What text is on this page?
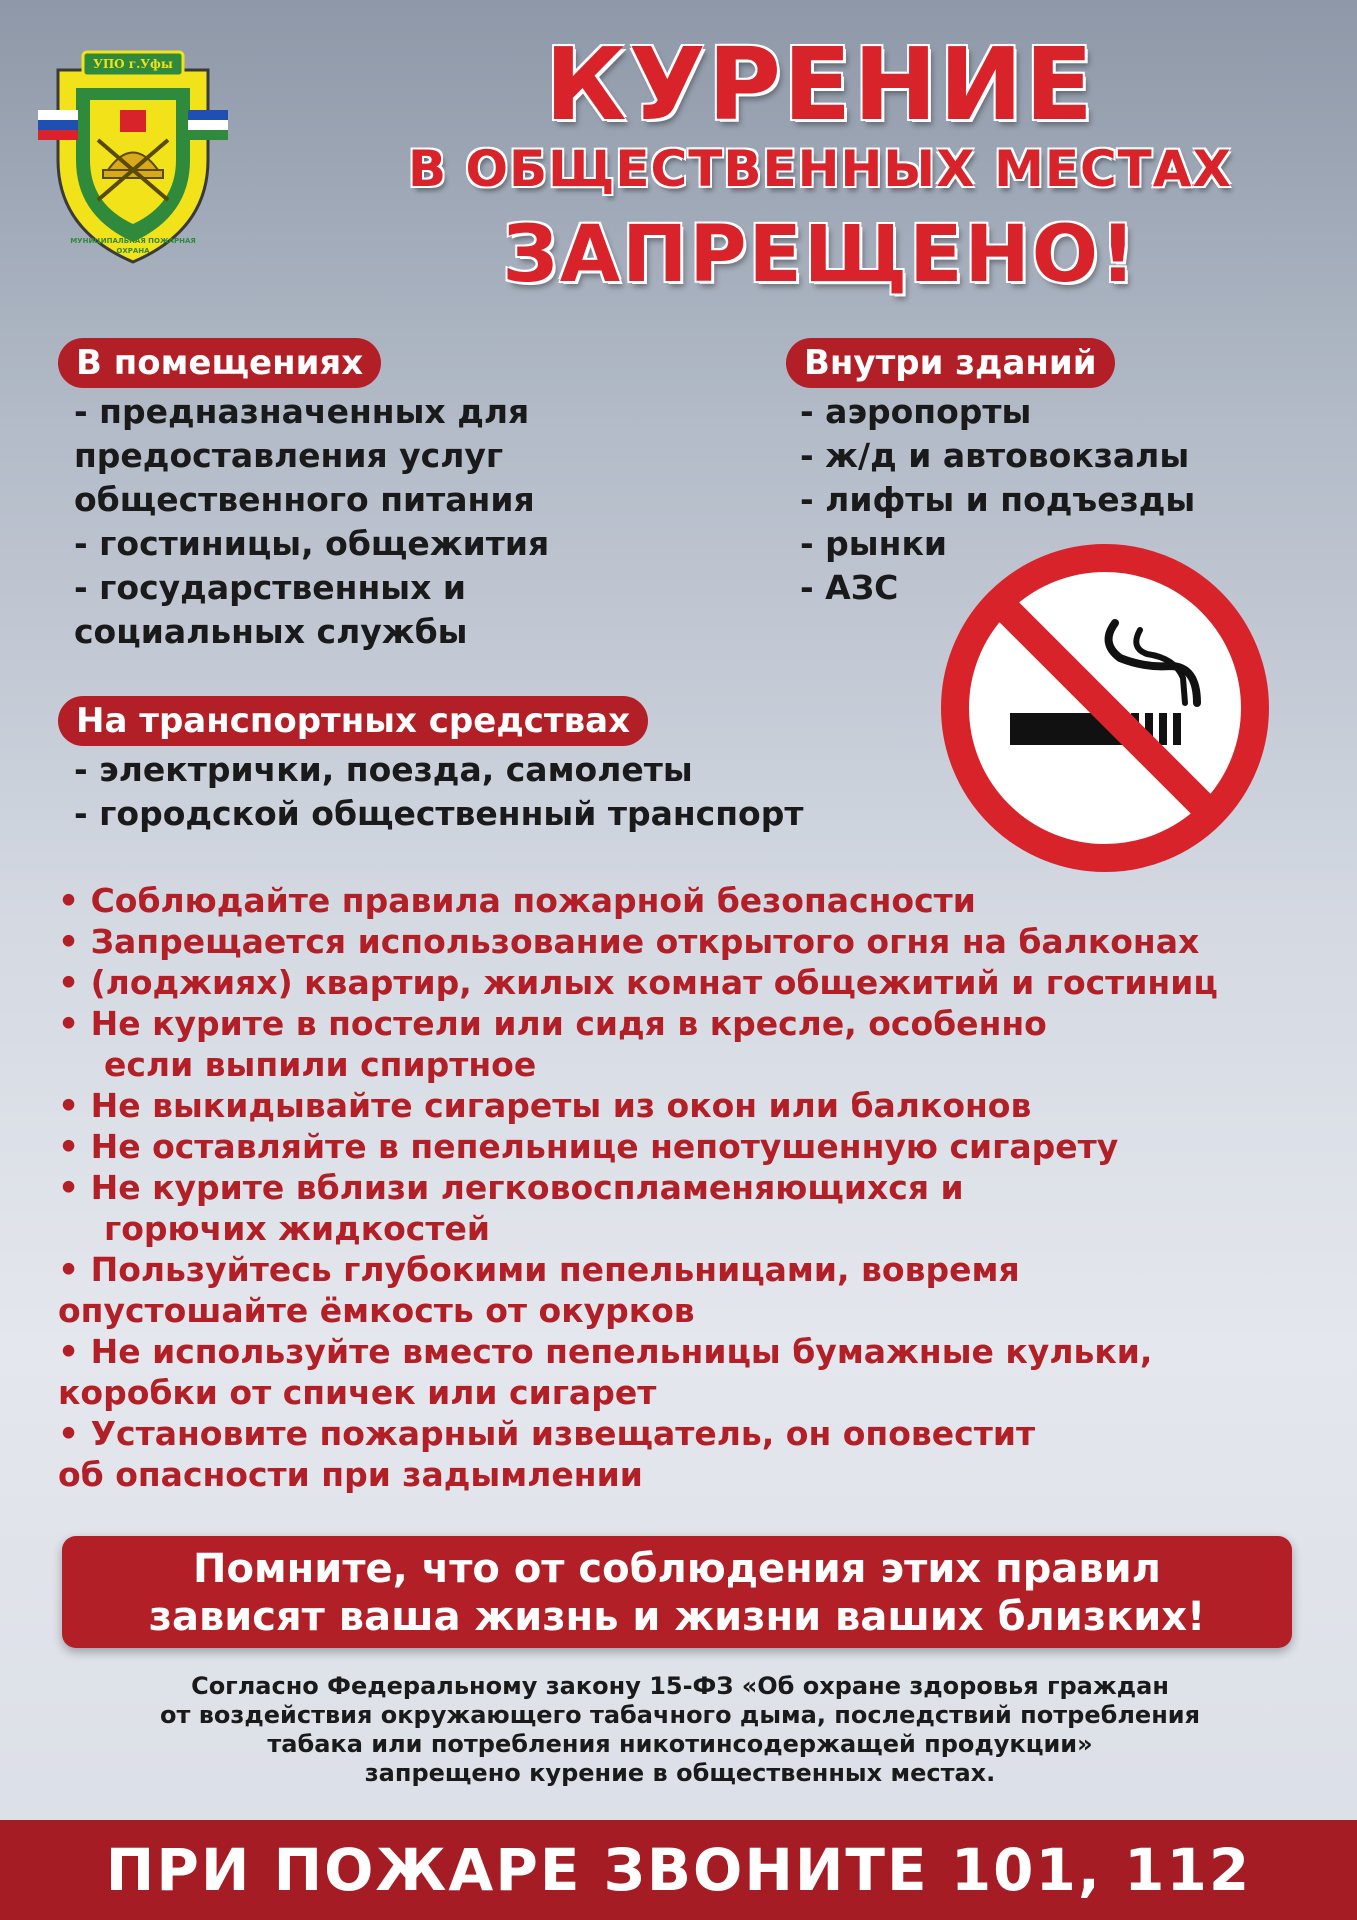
УПО г.Уфы
МУНИЦИПАЛЬНАЯ ПОЖАРНАЯ ОХРАНА
КУРЕНИЕ
В ОБЩЕСТВЕННЫХ МЕСТАХ
ЗАПРЕЩЕНО!
В помещениях
- предназначенных для
предоставления услуг
общественного питания
- гостиницы, общежития
- государственных и
социальных службы
Внутри зданий
- аэропорты
- ж/д и автовокзалы
- лифты и подъезды
- рынки
- АЗС
На транспортных средствах
- электрички, поезда, самолеты
- городской общественный транспорт
• Соблюдайте правила пожарной безопасности
• Запрещается использование открытого огня на балконах
• (лоджиях) квартир, жилых комнат общежитий и гостиниц
• Не курите в постели или сидя в кресле, особенно
если выпили спиртное
• Не выкидывайте сигареты из окон или балконов
• Не оставляйте в пепельнице непотушенную сигарету
• Не курите вблизи легковоспламеняющихся и
горючих жидкостей
• Пользуйтесь глубокими пепельницами, вовремя
опустошайте ёмкость от окурков
• Не используйте вместо пепельницы бумажные кульки,
коробки от спичек или сигарет
• Установите пожарный извещатель, он оповестит
об опасности при задымлении
Помните, что от соблюдения этих правил
зависят ваша жизнь и жизни ваших близких!
Согласно Федеральному закону 15-ФЗ «Об охране здоровья граждан
от воздействия окружающего табачного дыма, последствий потребления
табака или потребления никотинсодержащей продукции»
запрещено курение в общественных местах.
ПРИ ПОЖАРЕ ЗВОНИТЕ 101, 112
